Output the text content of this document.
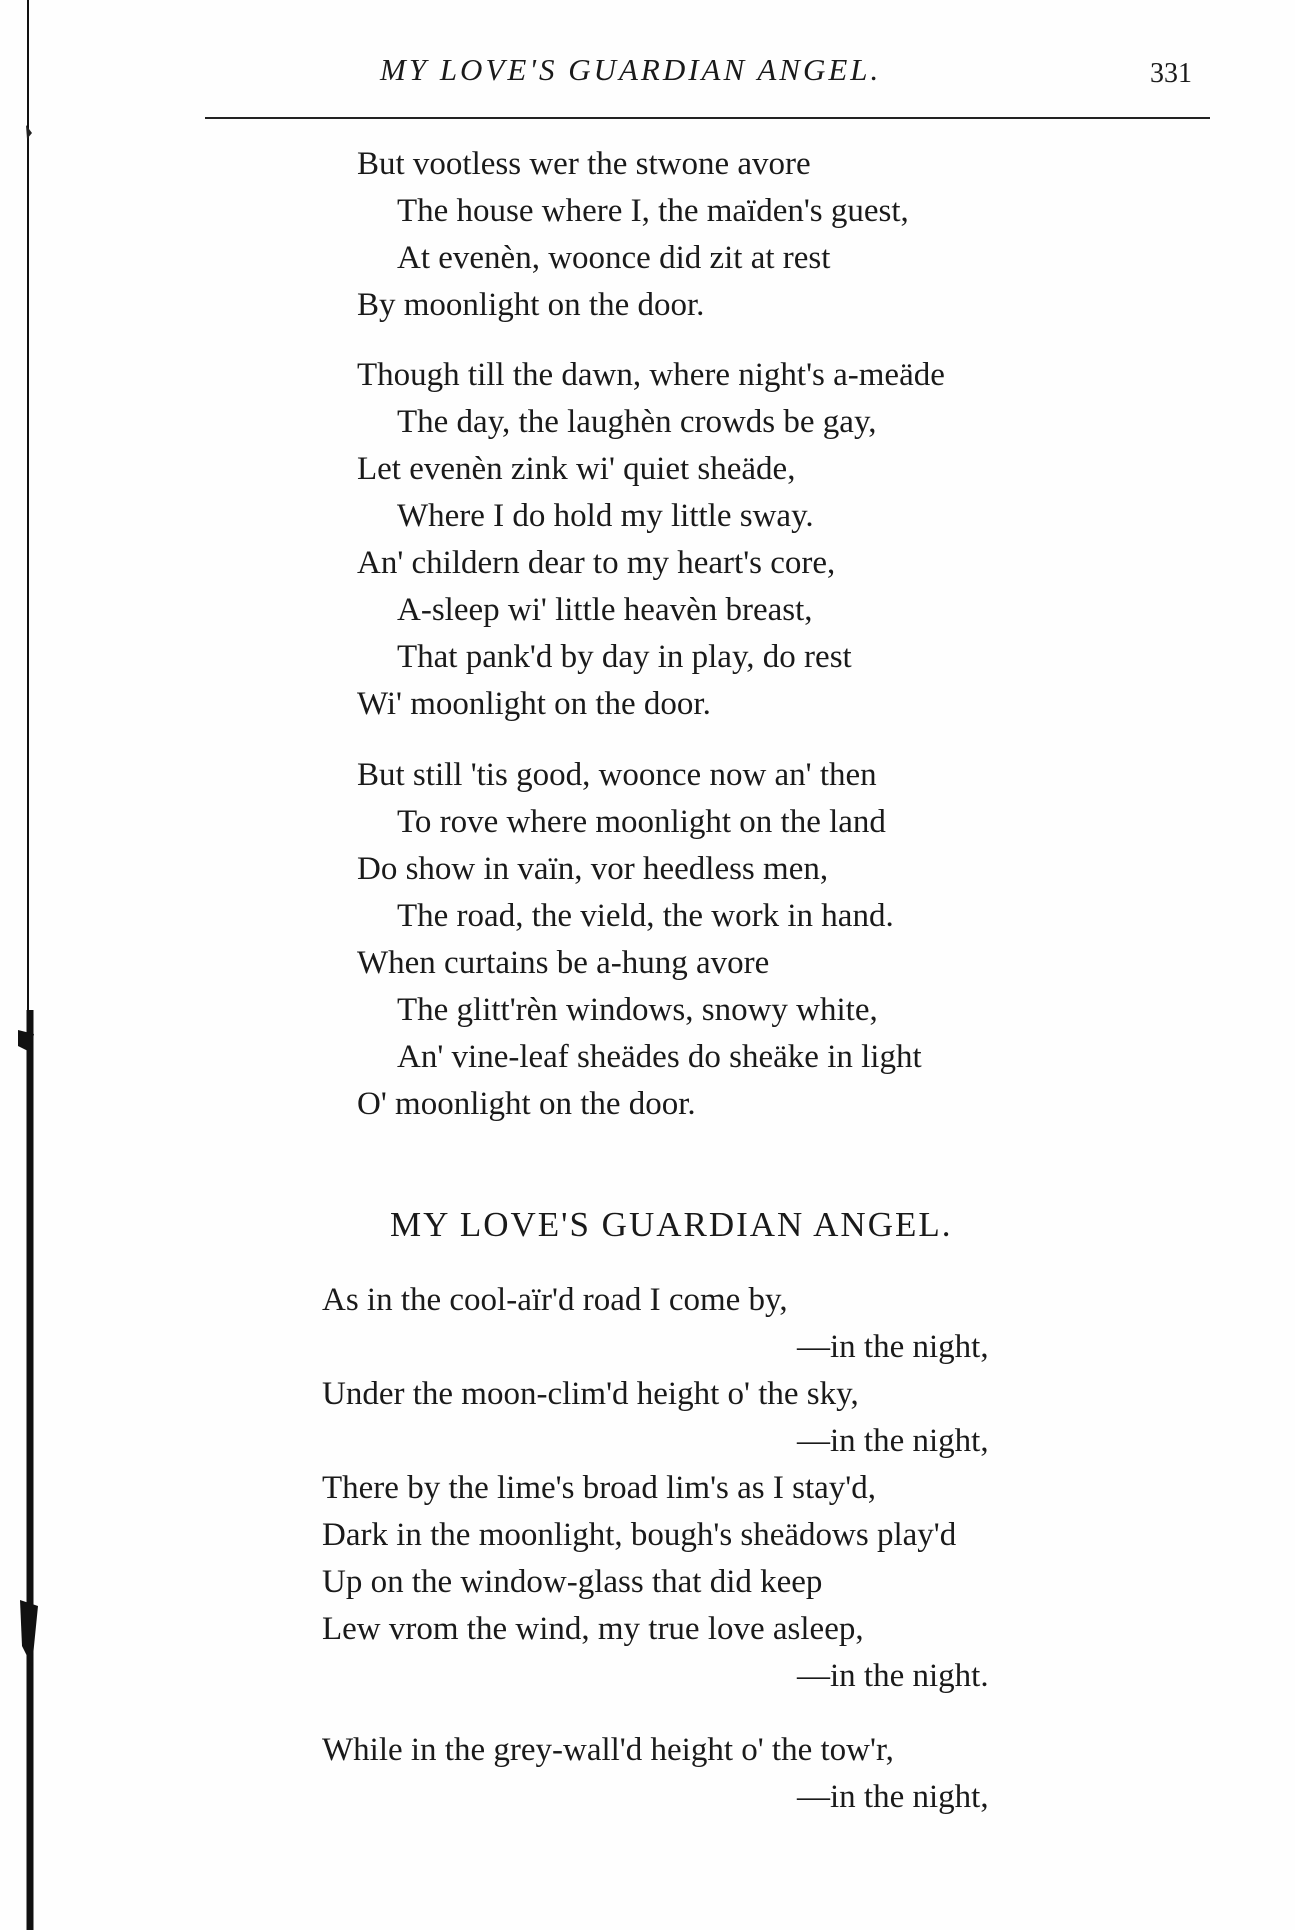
MY LOVE'S GUARDIAN ANGEL.	331
But vootless wer the stwone avore
The house where I, the maïden's guest,
At evenèn, woonce did zit at rest
By moonlight on the door.
Though till the dawn, where night's a-meäde
The day, the laughèn crowds be gay,
Let evenèn zink wi' quiet sheäde,
Where I do hold my little sway.
An' childern dear to my heart's core,
A-sleep wi' little heavèn breast,
That pank'd by day in play, do rest
Wi' moonlight on the door.
But still 'tis good, woonce now an' then
To rove where moonlight on the land
Do show in vaïn, vor heedless men,
The road, the vield, the work in hand.
When curtains be a-hung avore
The glitt'rèn windows, snowy white,
An' vine-leaf sheädes do sheäke in light
O' moonlight on the door.
MY LOVE'S GUARDIAN ANGEL.
As in the cool-aïr'd road I come by,
—in the night,
Under the moon-clim'd height o' the sky,
—in the night,
There by the lime's broad lim's as I stay'd,
Dark in the moonlight, bough's sheädows play'd
Up on the window-glass that did keep
Lew vrom the wind, my true love asleep,
—in the night.
While in the grey-wall'd height o' the tow'r,
—in the night,
